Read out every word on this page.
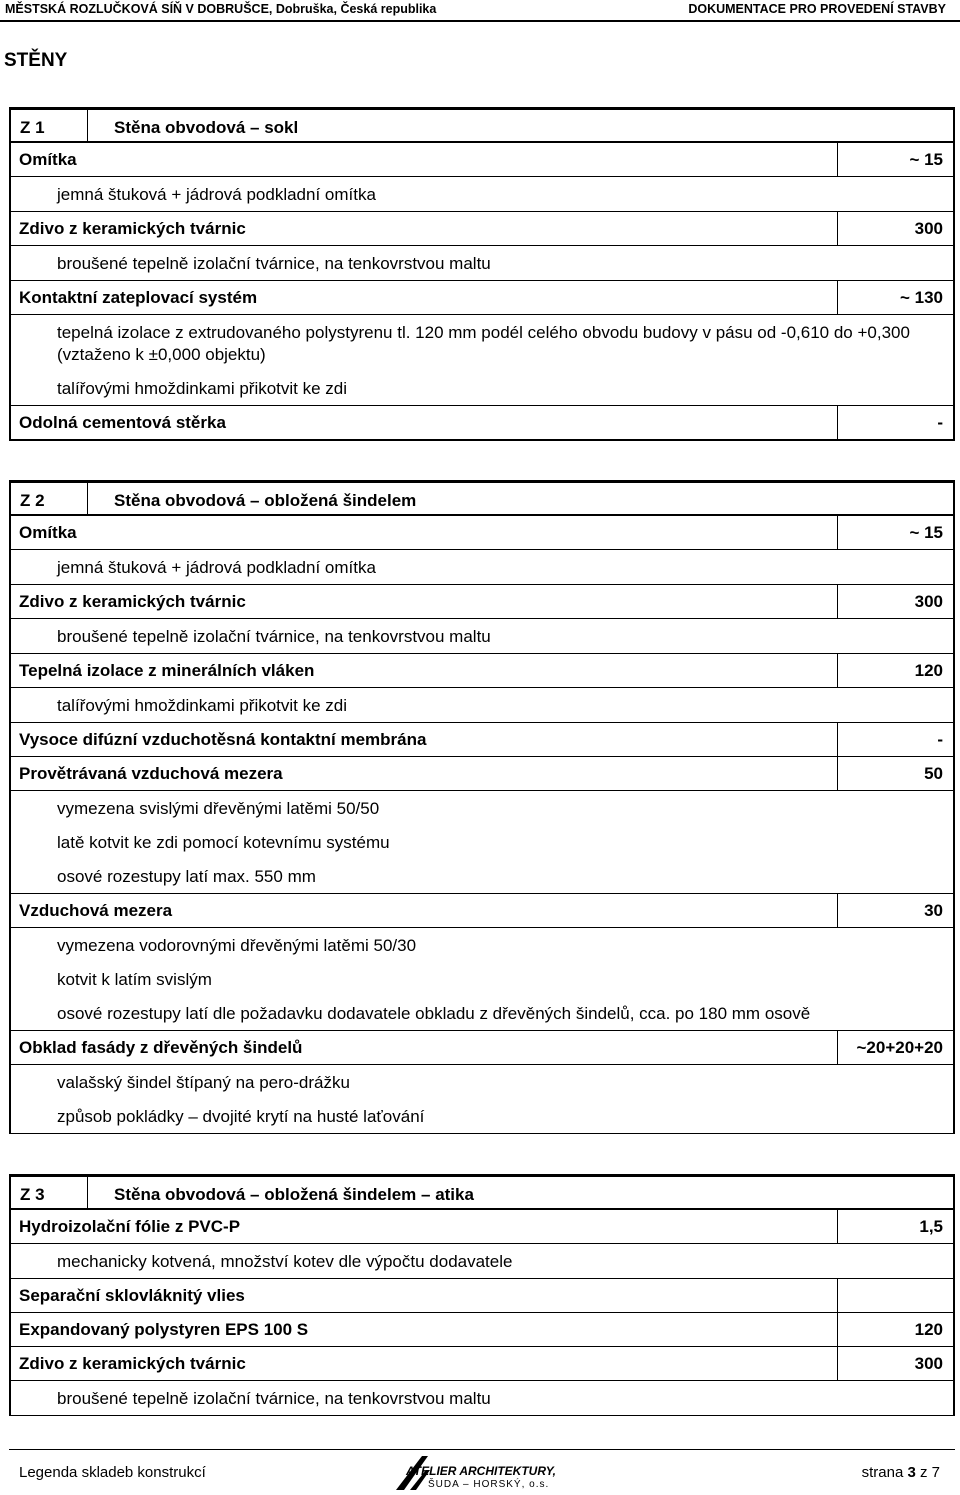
MĚSTSKÁ ROZLUČKOVÁ SÍŇ V DOBRUŠCE, Dobruška, Česká republika	DOKUMENTACE PRO PROVEDENÍ STAVBY
STĚNY
Z 1	Stěna obvodová – sokl
Omítka	~ 15
jemná štuková + jádrová podkladní omítka
Zdivo z keramických tvárnic	300
broušené tepelně izolační tvárnice, na tenkovrstvou maltu
Kontaktní zateplovací systém	~ 130
tepelná izolace z extrudovaného polystyrenu tl. 120 mm podél celého obvodu budovy v pásu od -0,610 do +0,300 (vztaženo k ±0,000 objektu)
talířovými hmoždinkami přikotvit ke zdi
Odolná cementová stěrka	-
Z 2	Stěna obvodová – obložená šindelem
Omítka	~ 15
jemná štuková + jádrová podkladní omítka
Zdivo z keramických tvárnic	300
broušené tepelně izolační tvárnice, na tenkovrstvou maltu
Tepelná izolace z minerálních vláken	120
talířovými hmoždinkami přikotvit ke zdi
Vysoce difúzní vzduchotěsná kontaktní membrána	-
Provětrávaná vzduchová mezera	50
vymezena svislými dřevěnými latěmi 50/50
latě kotvit ke zdi pomocí kotevnímu systému
osové rozestupy latí max. 550 mm
Vzduchová mezera	30
vymezena vodorovnými dřevěnými latěmi 50/30
kotvit k latím svislým
osové rozestupy latí dle požadavku dodavatele obkladu z dřevěných šindelů, cca. po 180 mm osově
Obklad fasády z dřevěných šindelů	~20+20+20
valašský šindel štípaný na pero-drážku
způsob pokládky – dvojité krytí na husté laťování
Z 3	Stěna obvodová – obložená šindelem – atika
Hydroizolační fólie z PVC-P	1,5
mechanicky kotvená, množství kotev dle výpočtu dodavatele
Separační sklovláknitý vlies
Expandovaný polystyren EPS 100 S	120
Zdivo z keramických tvárnic	300
broušené tepelně izolační tvárnice, na tenkovrstvou maltu
Legenda skladeb konstrukcí	ATELIER ARCHITEKTURY,
ŠUDA – HORSKÝ, o.s.
strana 3 z 7
